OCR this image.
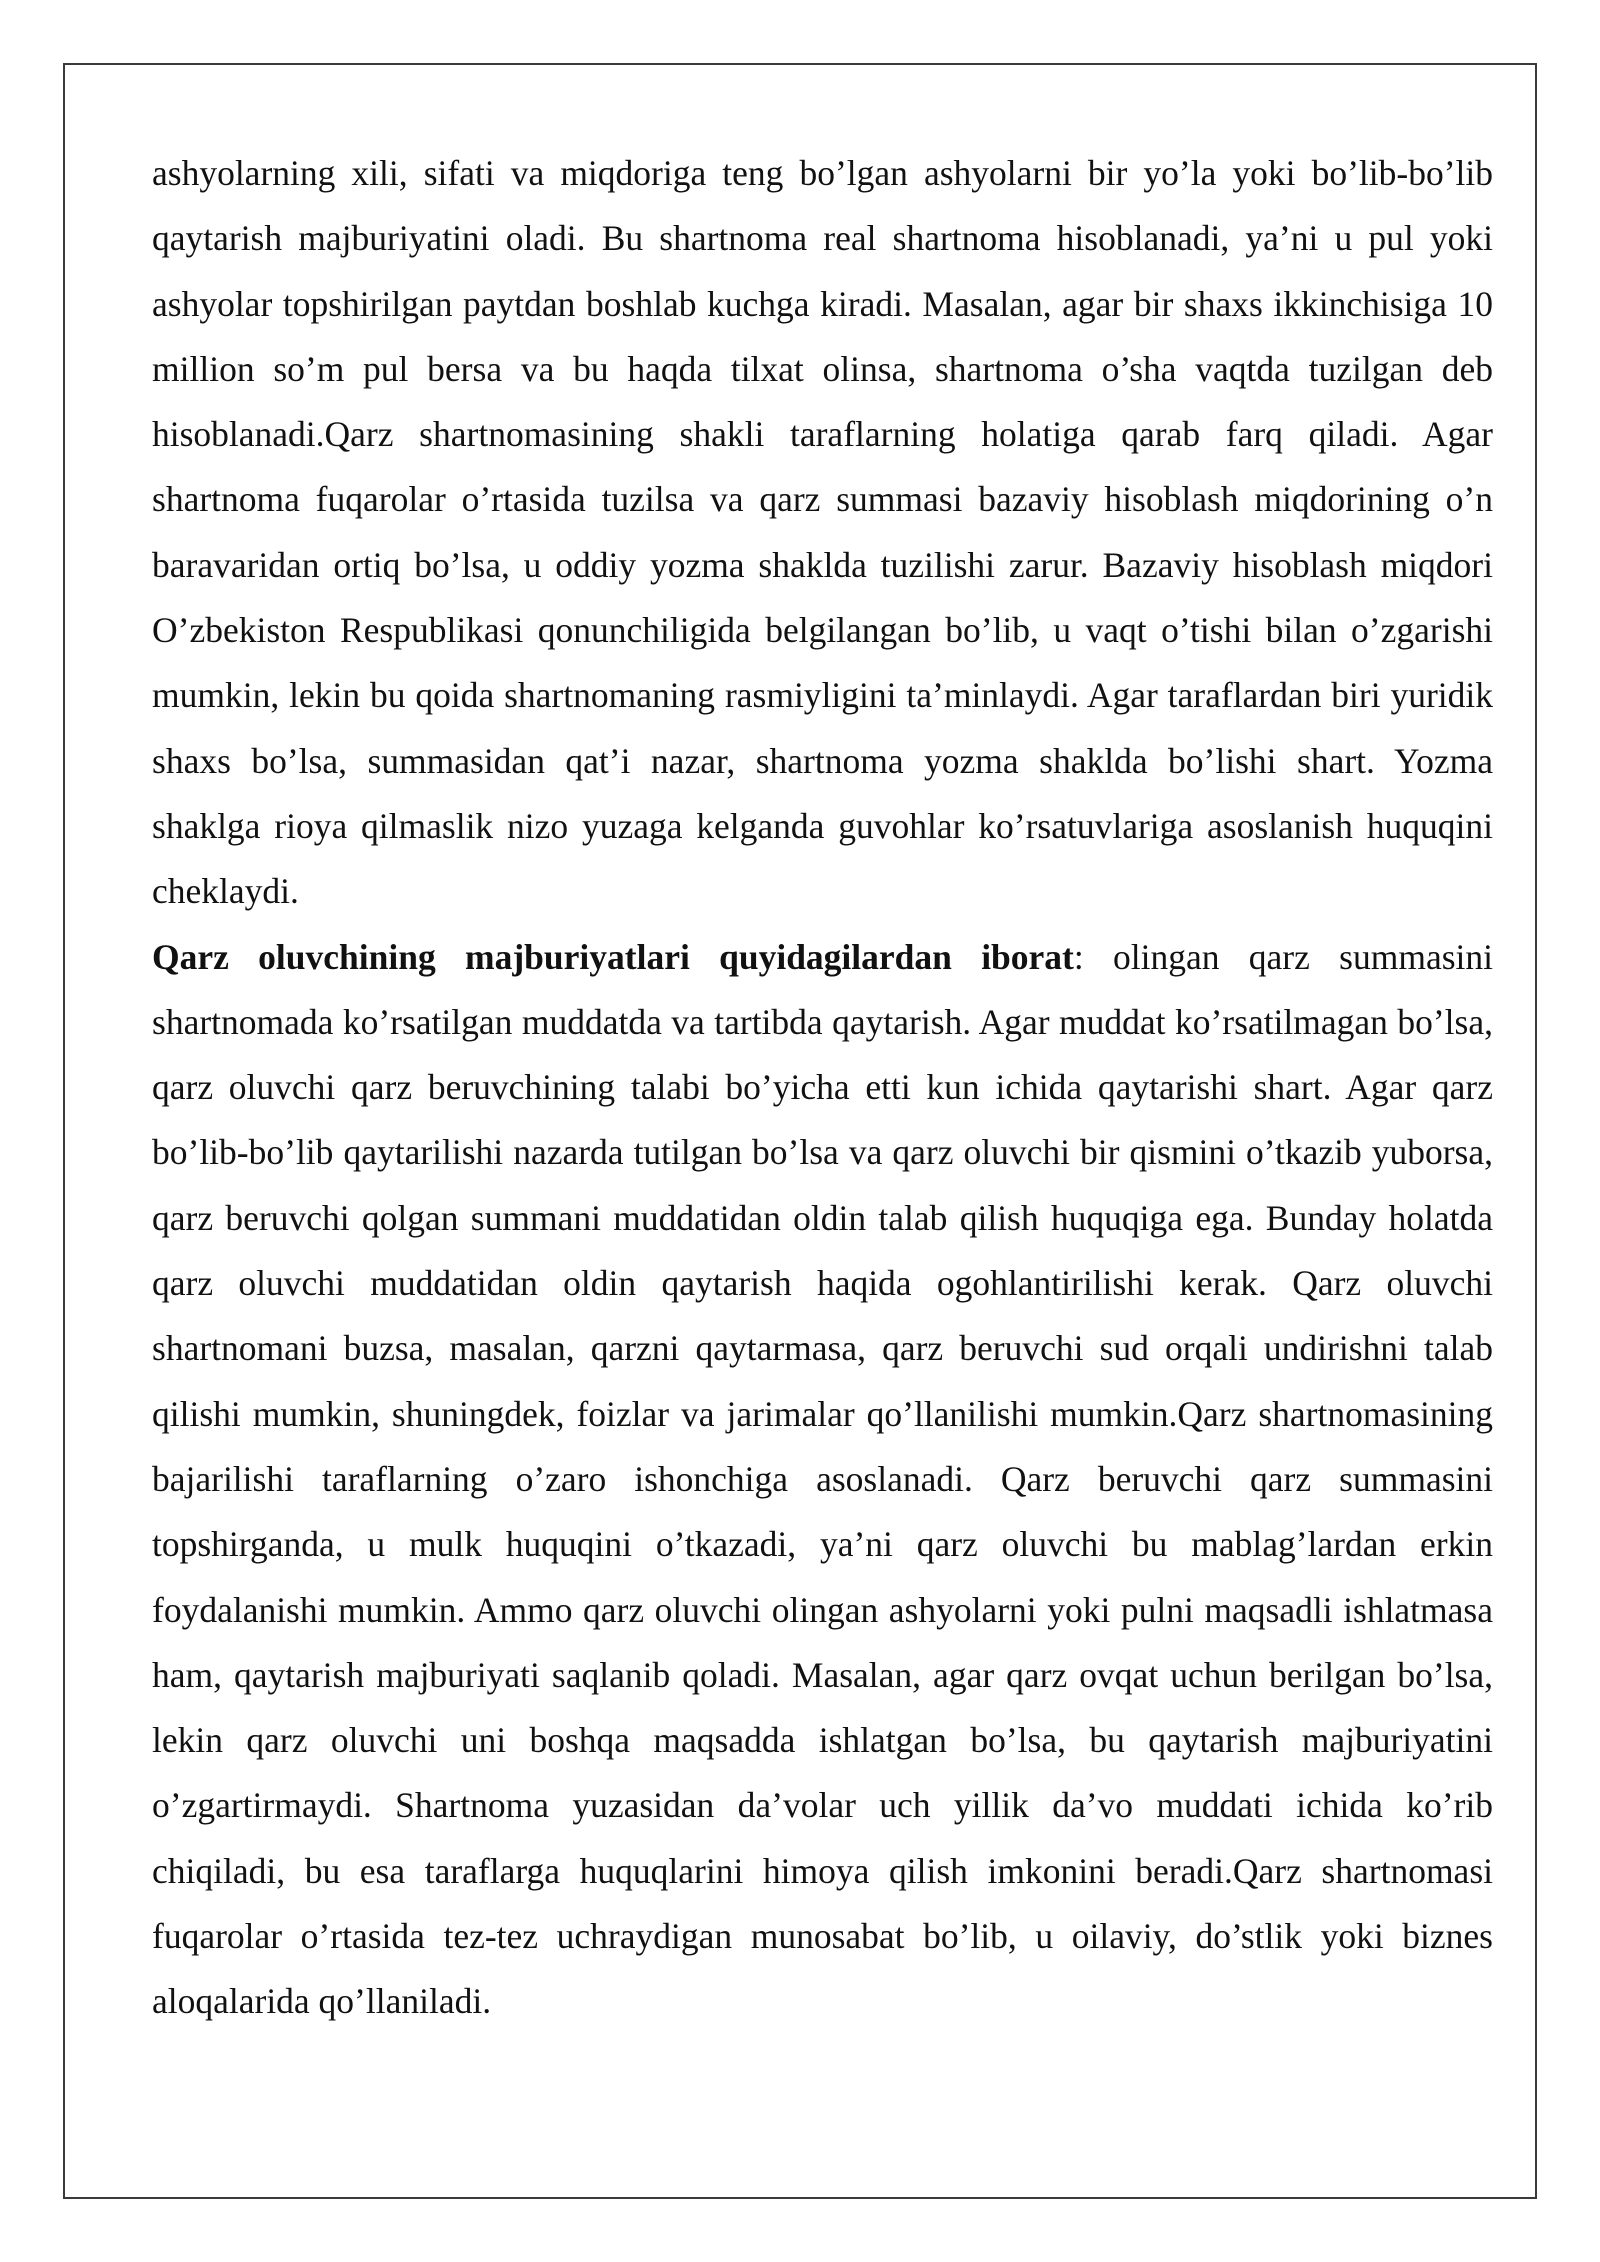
ashyolarning xili, sifati va miqdoriga teng bo’lgan ashyolarni bir yo’la yoki bo’lib-bo’lib qaytarish majburiyatini oladi. Bu shartnoma real shartnoma hisoblanadi, ya’ni u pul yoki ashyolar topshirilgan paytdan boshlab kuchga kiradi. Masalan, agar bir shaxs ikkinchisiga 10 million so’m pul bersa va bu haqda tilxat olinsa, shartnoma o’sha vaqtda tuzilgan deb hisoblanadi.Qarz shartnomasining shakli taraflarning holatiga qarab farq qiladi. Agar shartnoma fuqarolar o’rtasida tuzilsa va qarz summasi bazaviy hisoblash miqdorining o’n baravaridan ortiq bo’lsa, u oddiy yozma shaklda tuzilishi zarur. Bazaviy hisoblash miqdori O’zbekiston Respublikasi qonunchiligida belgilangan bo’lib, u vaqt o’tishi bilan o’zgarishi mumkin, lekin bu qoida shartnomaning rasmiyligini ta’minlaydi. Agar taraflardan biri yuridik shaxs bo’lsa, summasidan qat’i nazar, shartnoma yozma shaklda bo’lishi shart. Yozma shaklga rioya qilmaslik nizo yuzaga kelganda guvohlar ko’rsatuvlariga asoslanish huquqini cheklaydi.

Qarz oluvchining majburiyatlari quyidagilardan iborat: olingan qarz summasini shartnomada ko’rsatilgan muddatda va tartibda qaytarish. Agar muddat ko’rsatilmagan bo’lsa, qarz oluvchi qarz beruvchining talabi bo’yicha etti kun ichida qaytarishi shart. Agar qarz bo’lib-bo’lib qaytarilishi nazarda tutilgan bo’lsa va qarz oluvchi bir qismini o’tkazib yuborsa, qarz beruvchi qolgan summani muddatidan oldin talab qilish huquqiga ega. Bunday holatda qarz oluvchi muddatidan oldin qaytarish haqida ogohlantirilishi kerak. Qarz oluvchi shartnomani buzsa, masalan, qarzni qaytarmasa, qarz beruvchi sud orqali undirishni talab qilishi mumkin, shuningdek, foizlar va jarimalar qo’llanilishi mumkin.Qarz shartnomasining bajarilishi taraflarning o’zaro ishonchiga asoslanadi. Qarz beruvchi qarz summasini topshirganda, u mulk huquqini o’tkazadi, ya’ni qarz oluvchi bu mablag’lardan erkin foydalanishi mumkin. Ammo qarz oluvchi olingan ashyolarni yoki pulni maqsadli ishlatmasa ham, qaytarish majburiyati saqlanib qoladi. Masalan, agar qarz ovqat uchun berilgan bo’lsa, lekin qarz oluvchi uni boshqa maqsadda ishlatgan bo’lsa, bu qaytarish majburiyatini o’zgartirmaydi. Shartnoma yuzasidan da’volar uch yillik da’vo muddati ichida ko’rib chiqiladi, bu esa taraflarga huquqlarini himoya qilish imkonini beradi.Qarz shartnomasi fuqarolar o’rtasida tez-tez uchraydigan munosabat bo’lib, u oilaviy, do’stlik yoki biznes aloqalarida qo’llaniladi.
